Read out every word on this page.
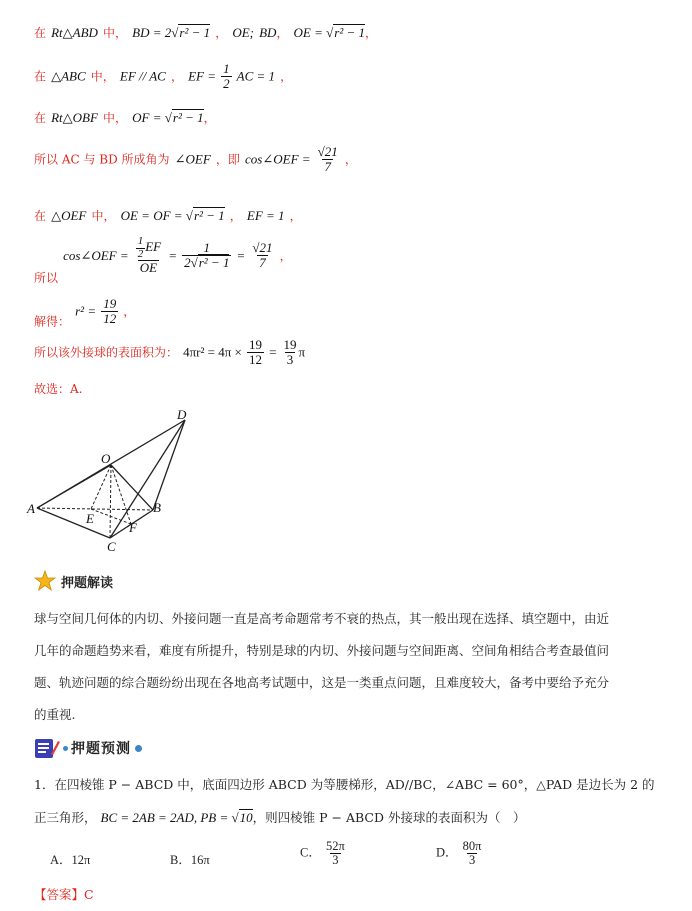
在 Rt△ABD 中， BD = 2√r² − 1 ， OE; BD， OE = √r² − 1，
在 △ABC 中， EF // AC ， EF = $\frac{1}{2}$ AC = 1 ，
在 Rt△OBF 中， OF = √r² − 1，
所以 AC 与 BD 所成角为 ∠OEF ，即 cos∠OEF = $\frac{√21}{7}$ ，
在 △OEF 中， OE = OF = √r² − 1 ， EF = 1 ，
$_{所以}$ cos∠OEF = $\frac{\frac{1}{2} EF}{OE} = \frac{1}{\text{2√r² − 1}} = \frac{√21}{7}$ ，
$_{解得:}$ $r^2 = \frac{19}{12}$ ，
所以该外接球的表面积为： $4\pi r^2 = 4\pi \times \frac{19}{12} = \frac{19}{3}$ π
故选：A.
D
O
A
E
B
F
C
押题解读
球与空间几何体的内切、外接问题一直是高考命题常考不衰的热点，其一般出现在选择、填空题中，由近
几年的命题趋势来看，难度有所提升，特别是球的内切、外接问题与空间距离、空间角相结合考查最值问
题、轨迹问题的综合题纷纷出现在各地高考试题中，这是一类重点问题，且难度较大，备考中要给予充分
的重视.
押题预测
1．在四棱锥 P − ABCD 中，底面四边形 ABCD 为等腰梯形，AD//BC，∠ABC = 60°，△PAD 是边长为 2 的
正三角形， BC = 2AB = 2AD, PB = √10，则四棱锥 P − ABCD 外接球的表面积为（　）
A．12π	B．16π
C． $\frac{52\pi}{3}$	D． $\frac{80\pi}{3}$
【答案】C
